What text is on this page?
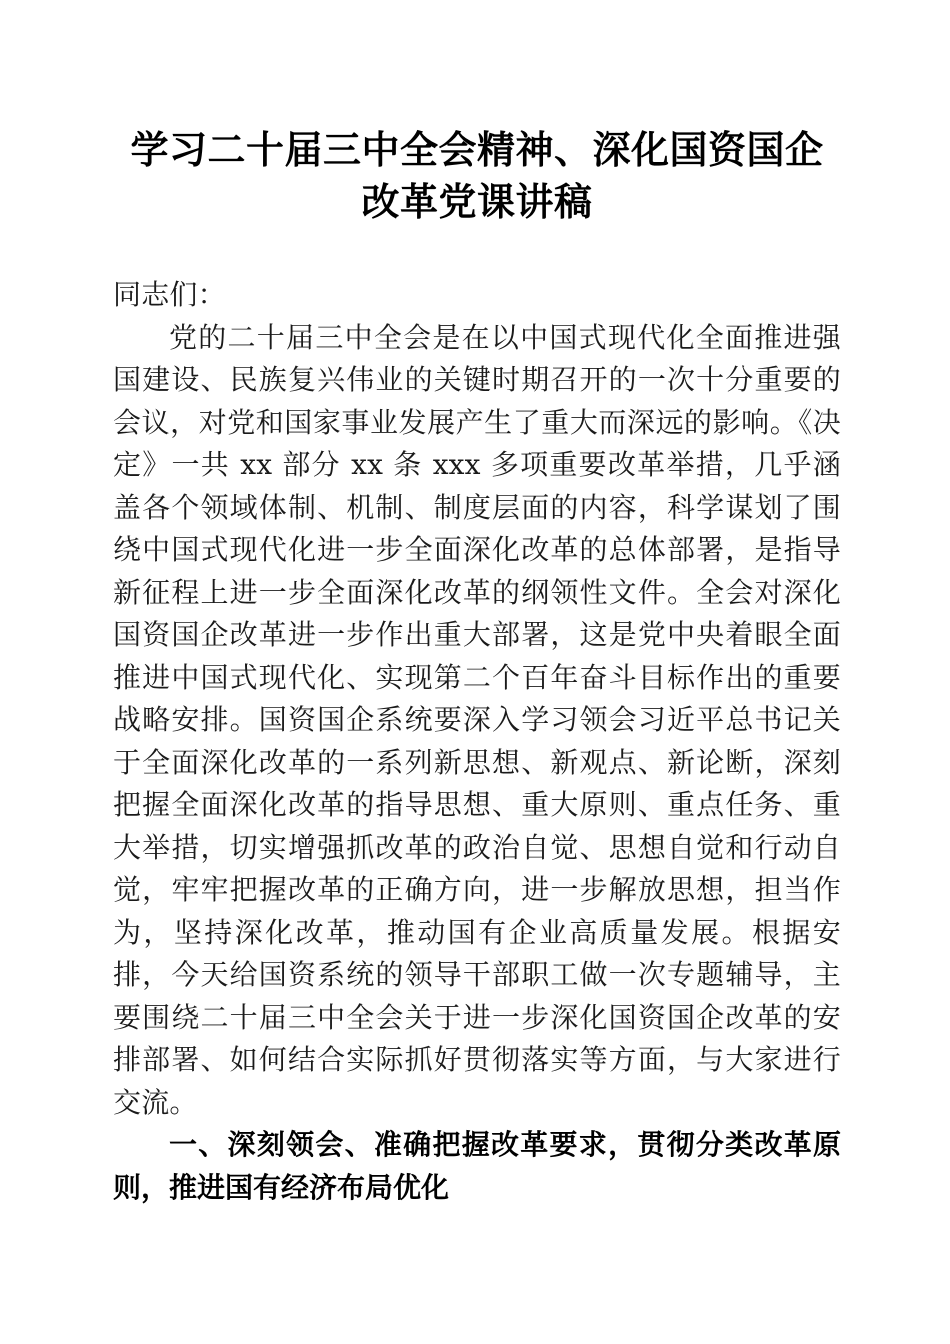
学习二十届三中全会精神、深化国资国企改革党课讲稿

同志们：

党的二十届三中全会是在以中国式现代化全面推进强国建设、民族复兴伟业的关键时期召开的一次十分重要的会议，对党和国家事业发展产生了重大而深远的影响。《决定》一共 xx 部分 xx 条 xxx 多项重要改革举措，几乎涵盖各个领域体制、机制、制度层面的内容，科学谋划了围绕中国式现代化进一步全面深化改革的总体部署，是指导新征程上进一步全面深化改革的纲领性文件。全会对深化国资国企改革进一步作出重大部署，这是党中央着眼全面推进中国式现代化、实现第二个百年奋斗目标作出的重要战略安排。国资国企系统要深入学习领会习近平总书记关于全面深化改革的一系列新思想、新观点、新论断，深刻把握全面深化改革的指导思想、重大原则、重点任务、重大举措，切实增强抓改革的政治自觉、思想自觉和行动自觉，牢牢把握改革的正确方向，进一步解放思想，担当作为，坚持深化改革，推动国有企业高质量发展。根据安排，今天给国资系统的领导干部职工做一次专题辅导，主要围绕二十届三中全会关于进一步深化国资国企改革的安排部署、如何结合实际抓好贯彻落实等方面，与大家进行交流。

一、深刻领会、准确把握改革要求，贯彻分类改革原则，推进国有经济布局优化
